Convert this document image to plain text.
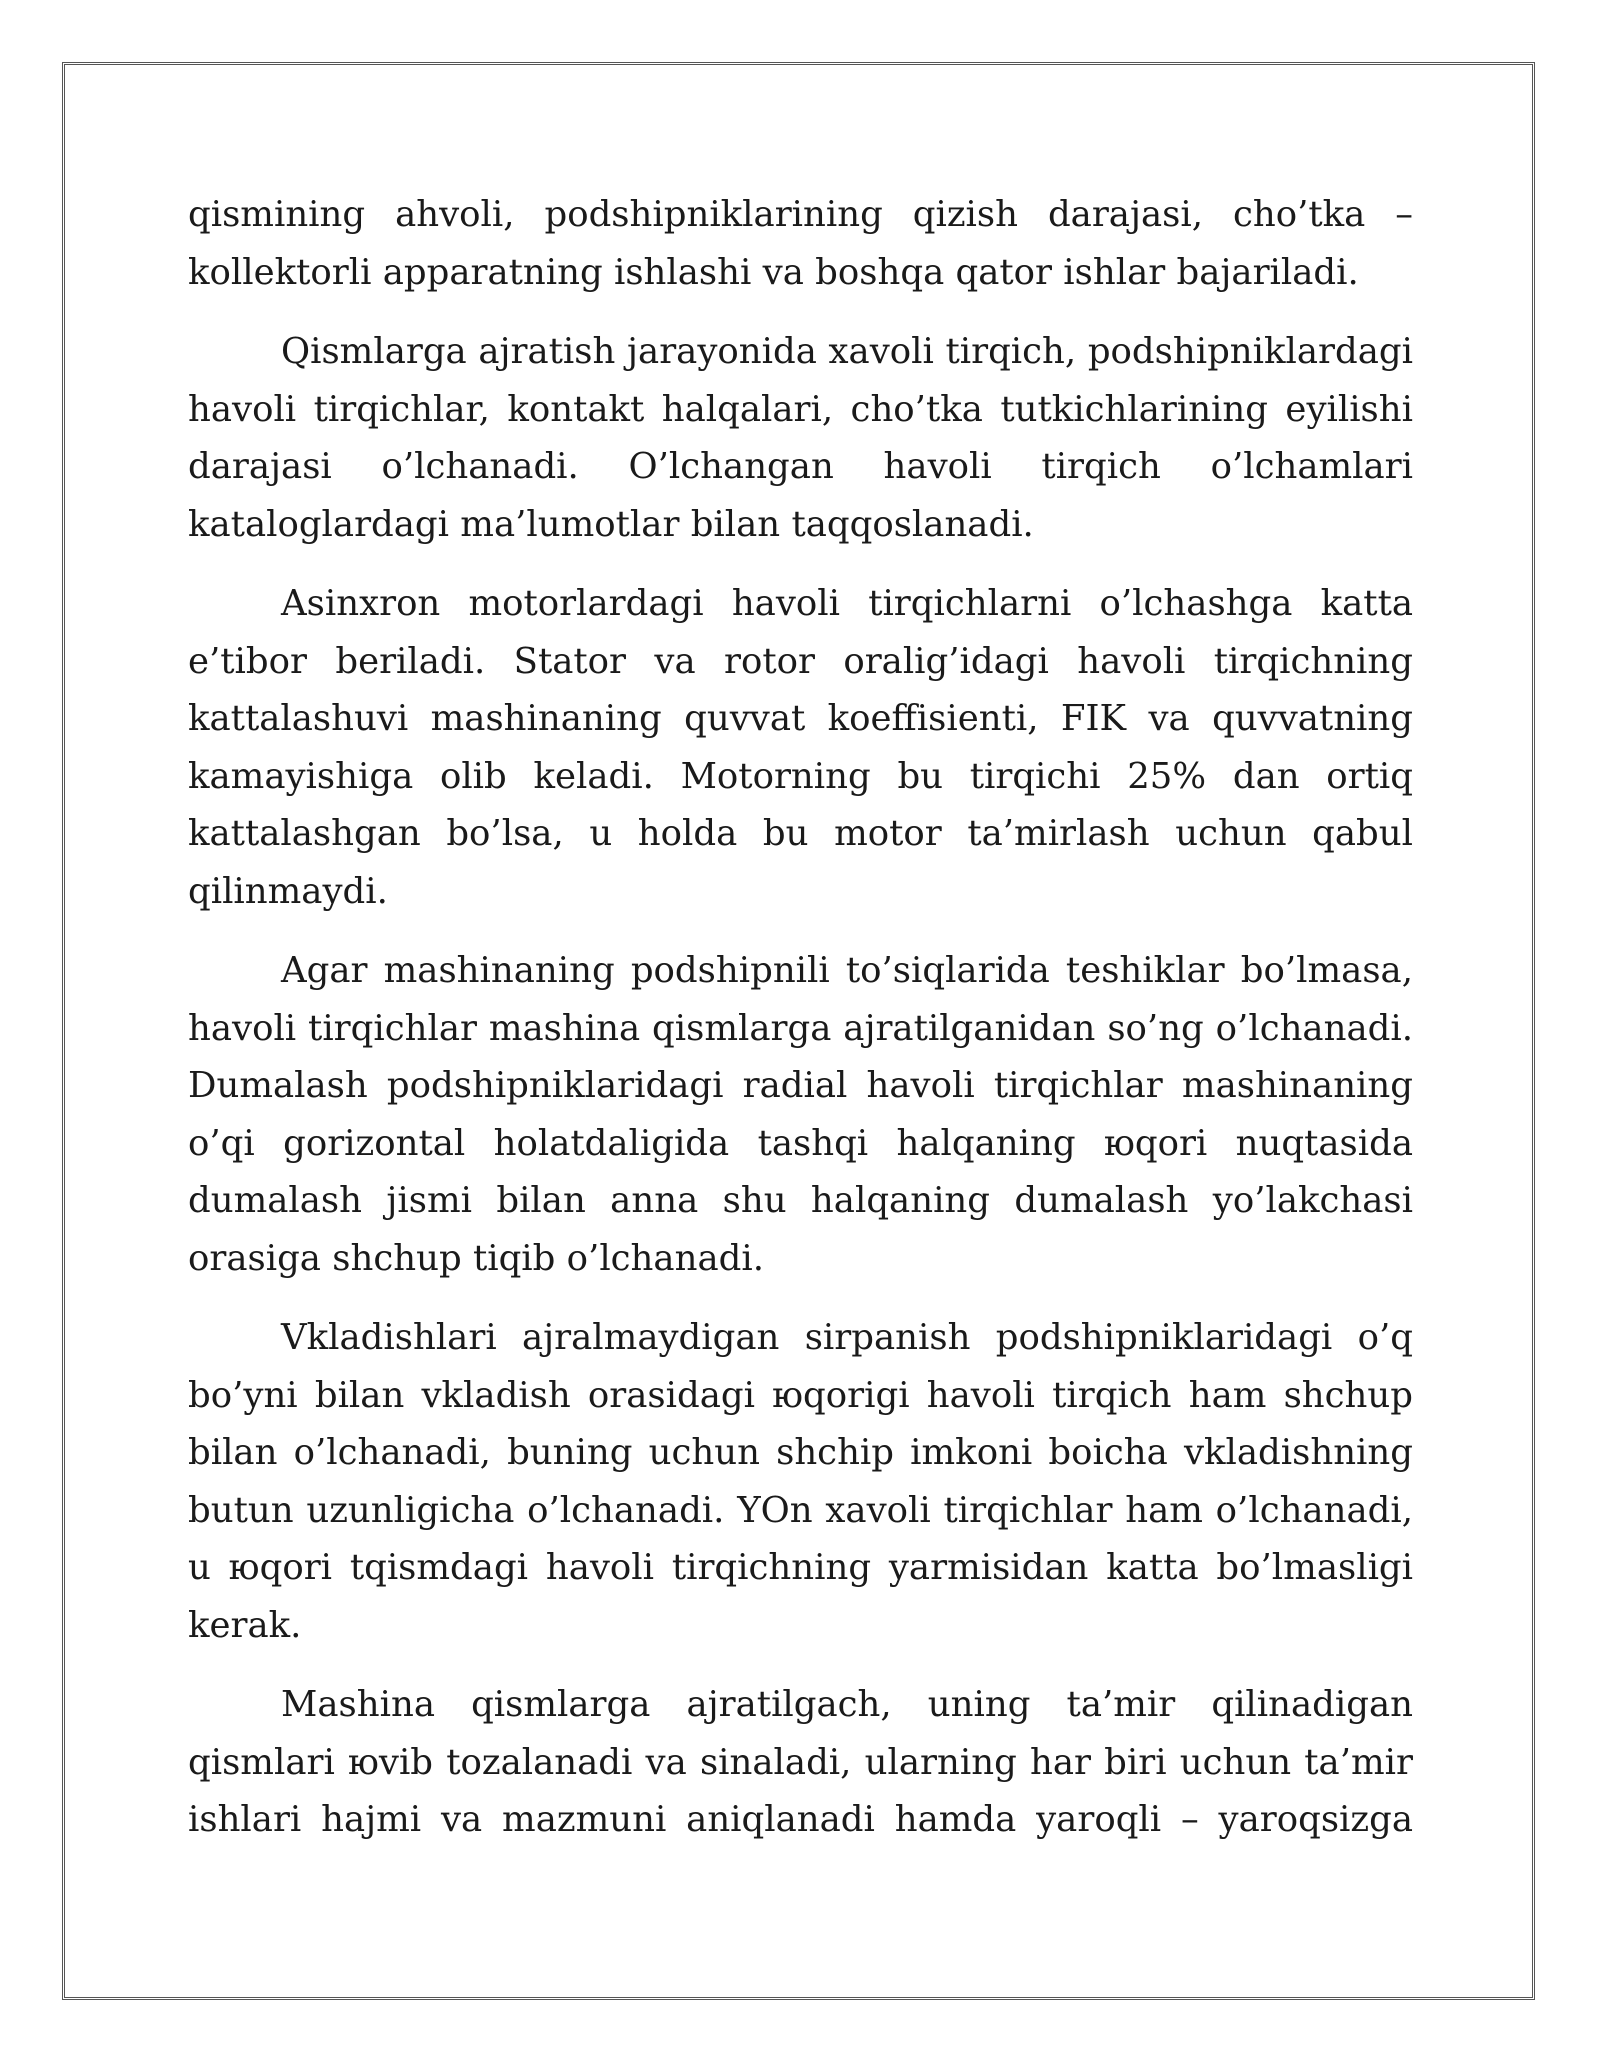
qismining ahvoli, podshipniklarining qizish darajasi, cho’tka – kollektorli apparatning ishlashi va boshqa qator ishlar bajariladi.

Qismlarga ajratish jarayonida xavoli tirqich, podshipniklardagi havoli tirqichlar, kontakt halqalari, cho’tka tutkichlarining eyilishi darajasi o’lchanadi. O’lchangan havoli tirqich o’lchamlari kataloglardagi ma’lumotlar bilan taqqoslanadi.

Asinxron motorlardagi havoli tirqichlarni o’lchashga katta e’tibor beriladi. Stator va rotor oralig’idagi havoli tirqichning kattalashuvi mashinaning quvvat koeffisienti, FIK va quvvatning kamayishiga olib keladi. Motorning bu tirqichi 25% dan ortiq kattalashgan bo’lsa, u holda bu motor ta’mirlash uchun qabul qilinmaydi.

Agar mashinaning podshipnili to’siqlarida teshiklar bo’lmasa, havoli tirqichlar mashina qismlarga ajratilganidan so’ng o’lchanadi. Dumalash podshipniklaridagi radial havoli tirqichlar mashinaning o’qi gorizontal holatdaligida tashqi halqaning юqori nuqtasida dumalash jismi bilan anna shu halqaning dumalash yo’lakchasi orasiga shchup tiqib o’lchanadi.

Vkladishlari ajralmaydigan sirpanish podshipniklaridagi o’q bo’yni bilan vkladish orasidagi юqorigi havoli tirqich ham shchup bilan o’lchanadi, buning uchun shchip imkoni boicha vkladishning butun uzunligicha o’lchanadi. YOn xavoli tirqichlar ham o’lchanadi, u юqori tqismdagi havoli tirqichning yarmisidan katta bo’lmasligi kerak.

Mashina qismlarga ajratilgach, uning ta’mir qilinadigan qismlari юvib tozalanadi va sinaladi, ularning har biri uchun ta’mir ishlari hajmi va mazmuni aniqlanadi hamda yaroqli – yaroqsizga
